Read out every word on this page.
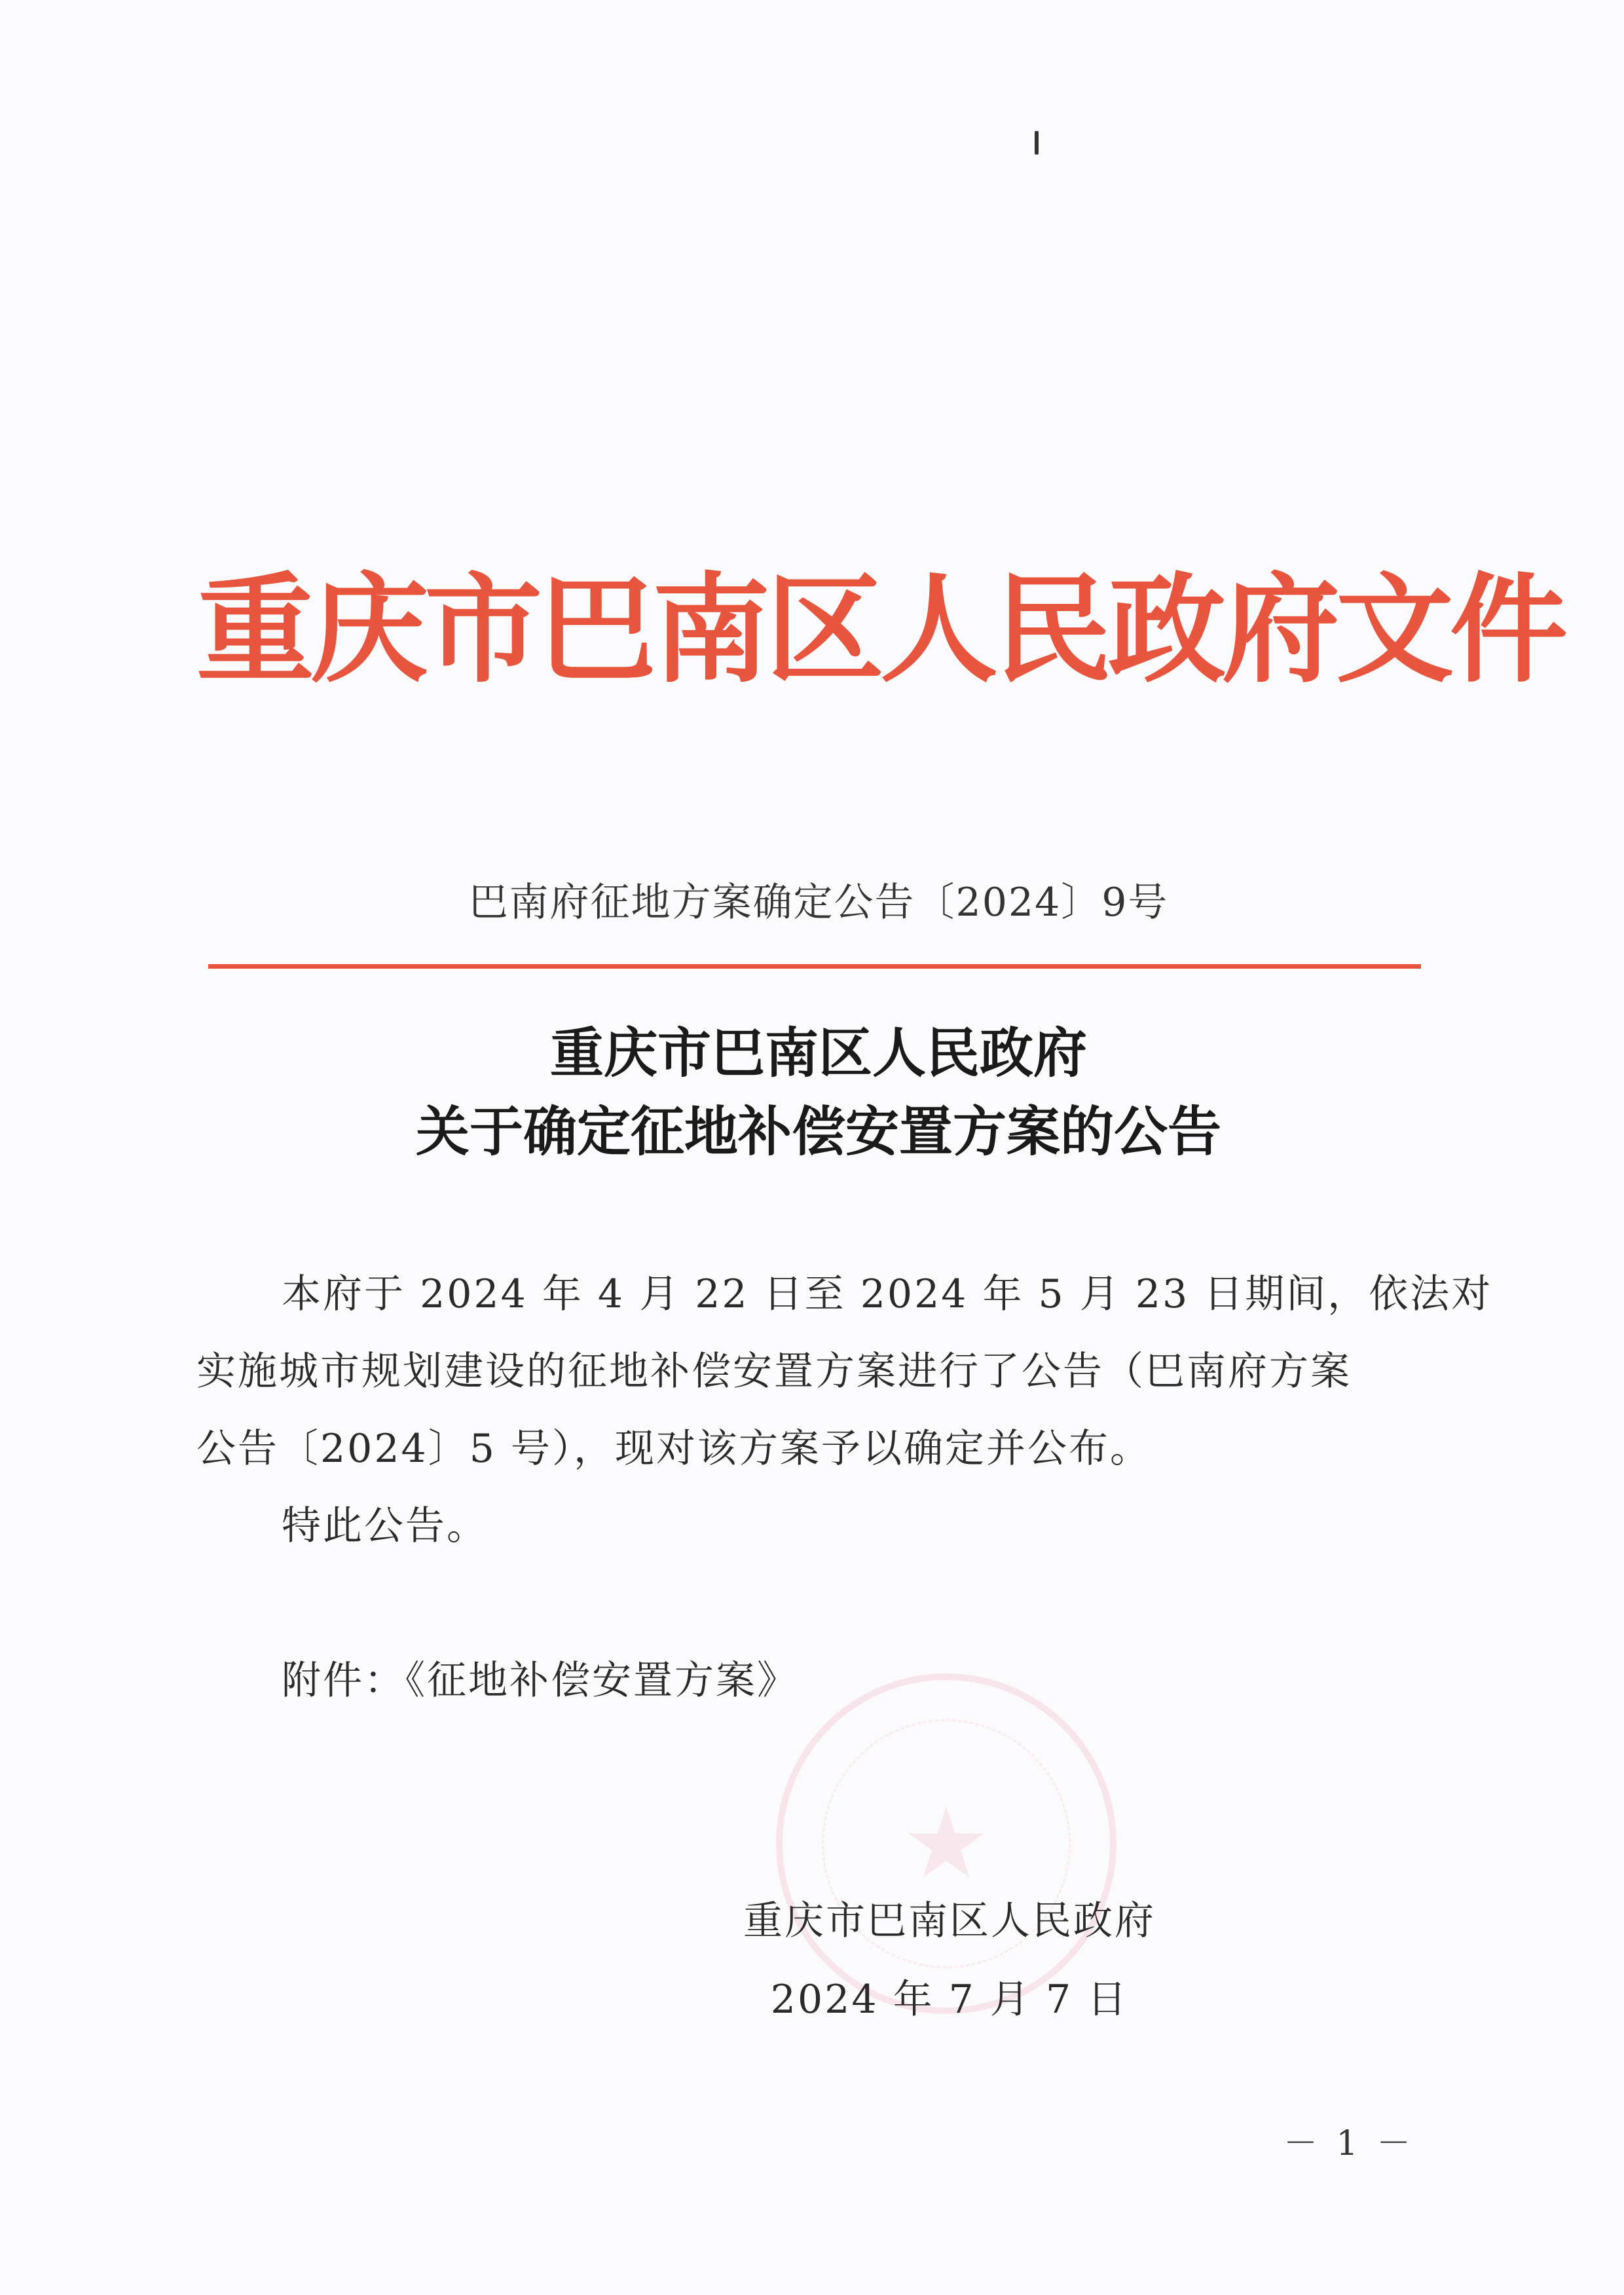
重庆市巴南区人民政府文件
巴南府征地方案确定公告〔2024〕9号
重庆市巴南区人民政府
关于确定征地补偿安置方案的公告
本府于 2024 年 4 月 22 日至 2024 年 5 月 23 日期间，依法对
实施城市规划建设的征地补偿安置方案进行了公告（巴南府方案
公告〔2024〕5 号），现对该方案予以确定并公布。
特此公告。
附件：《征地补偿安置方案》
★
重庆市巴南区人民政府
2024 年 7 月 7 日
－ 1 －
